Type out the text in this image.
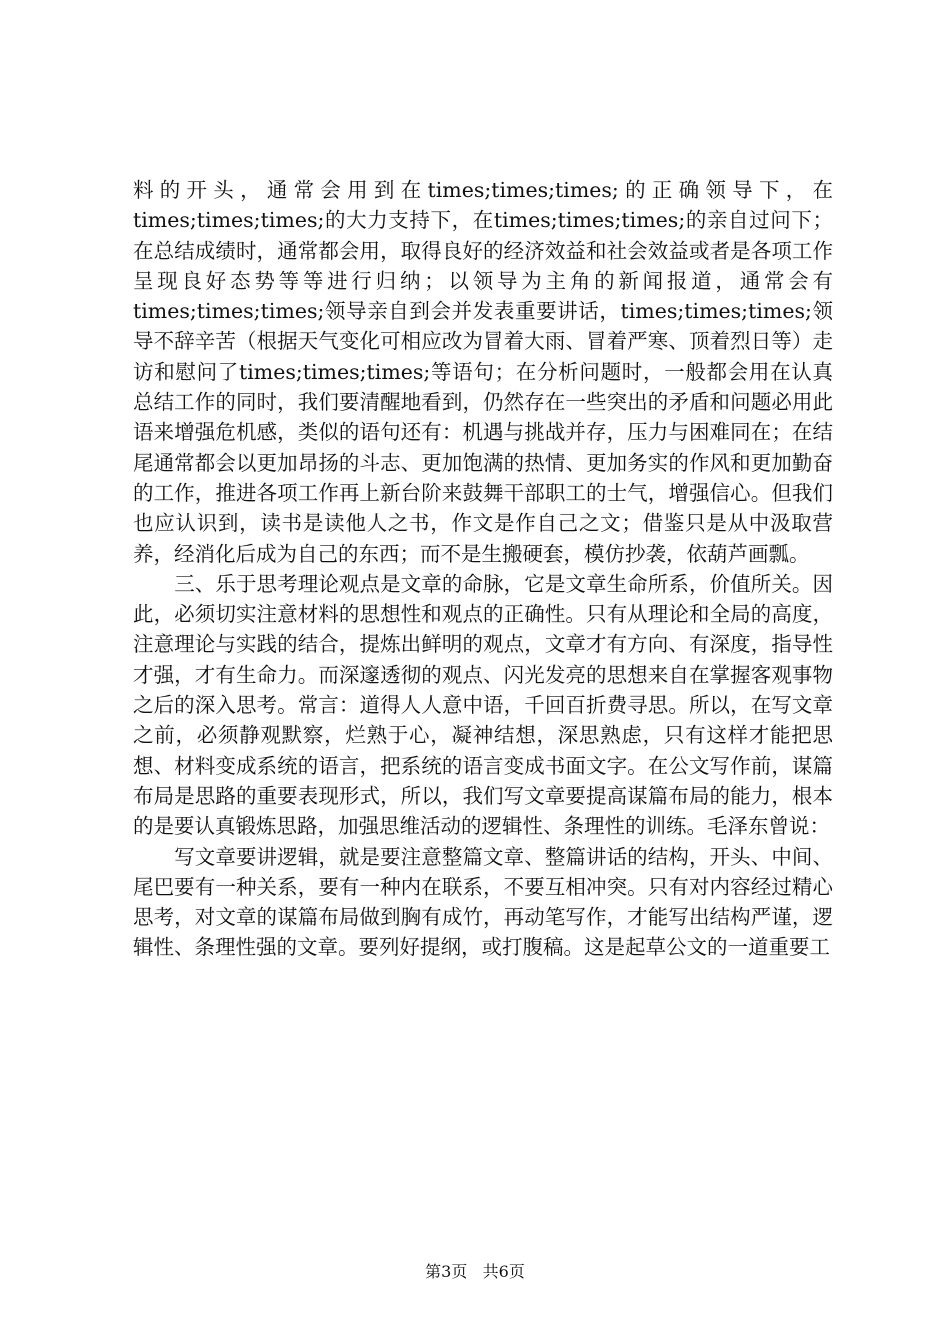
料的开头，通常会用到在times;times;times;的正确领导下，在times;times;times;的大力支持下，在times;times;times;的亲自过问下；在总结成绩时，通常都会用，取得良好的经济效益和社会效益或者是各项工作呈现良好态势等等进行归纳；以领导为主角的新闻报道，通常会有times;times;times;领导亲自到会并发表重要讲话，times;times;times;领导不辞辛苦（根据天气变化可相应改为冒着大雨、冒着严寒、顶着烈日等）走访和慰问了times;times;times;等语句；在分析问题时，一般都会用在认真总结工作的同时，我们要清醒地看到，仍然存在一些突出的矛盾和问题必用此语来增强危机感，类似的语句还有：机遇与挑战并存，压力与困难同在；在结尾通常都会以更加昂扬的斗志、更加饱满的热情、更加务实的作风和更加勤奋的工作，推进各项工作再上新台阶来鼓舞干部职工的士气，增强信心。但我们也应认识到，读书是读他人之书，作文是作自己之文；借鉴只是从中汲取营养，经消化后成为自己的东西；而不是生搬硬套，模仿抄袭，依葫芦画瓢。

　　三、乐于思考理论观点是文章的命脉，它是文章生命所系，价值所关。因此，必须切实注意材料的思想性和观点的正确性。只有从理论和全局的高度，注意理论与实践的结合，提炼出鲜明的观点，文章才有方向、有深度，指导性才强，才有生命力。而深邃透彻的观点、闪光发亮的思想来自在掌握客观事物之后的深入思考。常言：道得人人意中语，千回百折费寻思。所以，在写文章之前，必须静观默察，烂熟于心，凝神结想，深思熟虑，只有这样才能把思想、材料变成系统的语言，把系统的语言变成书面文字。在公文写作前，谋篇布局是思路的重要表现形式，所以，我们写文章要提高谋篇布局的能力，根本的是要认真锻炼思路，加强思维活动的逻辑性、条理性的训练。毛泽东曾说：

　　写文章要讲逻辑，就是要注意整篇文章、整篇讲话的结构，开头、中间、尾巴要有一种关系，要有一种内在联系，不要互相冲突。只有对内容经过精心思考，对文章的谋篇布局做到胸有成竹，再动笔写作，才能写出结构严谨，逻辑性、条理性强的文章。要列好提纲，或打腹稿。这是起草公文的一道重要工

第3页 共6页
